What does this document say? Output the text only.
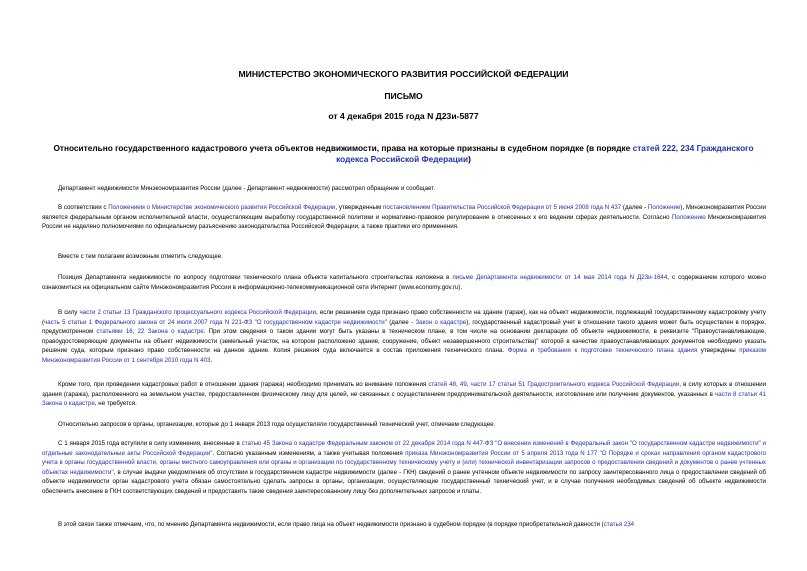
МИНИСТЕРСТВО ЭКОНОМИЧЕСКОГО РАЗВИТИЯ РОССИЙСКОЙ ФЕДЕРАЦИИ
ПИСЬМО
от 4 декабря 2015 года N Д23и-5877
Относительно государственного кадастрового учета объектов недвижимости, права на которые признаны в судебном порядке (в порядке статей 222, 234 Гражданского кодекса Российской Федерации)
Департамент недвижимости Минэкономразвития России (далее - Департамент недвижимости) рассмотрел обращение и сообщает.
В соответствии с Положением о Министерстве экономического развития Российской Федерации, утвержденным постановлением Правительства Российской Федерации от 5 июня 2008 года N 437 (далее - Положение), Минэкономразвития России является федеральным органом исполнительной власти, осуществляющим выработку государственной политики и нормативно-правовое регулирование в отнесенных к его ведении сферах деятельности. Согласно Положению Минэкономразвития России не наделено полномочиями по официальному разъяснению законодательства Российской Федерации, а также практики его применения.
Вместе с тем полагаем возможным отметить следующее.
Позиция Департамента недвижимости по вопросу подготовки технического плана объекта капитального строительства изложена в письме Департамента недвижимости от 14 мая 2014 года N Д23и-1644, с содержанием которого можно ознакомиться на официальном сайте Минэкономразвития России в информационно-телекоммуникационной сети Интернет (www.economy.gov.ru).
В силу части 2 статьи 13 Гражданского процессуального кодекса Российской Федерации, если решением суда признано право собственности на здание (гараж), как на объект недвижимости, подлежащий государственному кадастровому учету (часть 5 статьи 1 Федерального закона от 24 июля 2007 года N 221-ФЗ "О государственном кадастре недвижимости" (далее - Закон о кадастре), государственный кадастровый учет в отношении такого здания может быть осуществлен в порядке, предусмотренном статьями 16, 22 Закона о кадастре. При этом сведения о таком здании могут быть указаны в техническом плане, в том числе на основании декларации об объекте недвижимости, в реквизите "Правоустанавливающие, правоудостоверяющие документы на объект недвижимости (земельный участок, на котором расположено здание, сооружение, объект незавершенного строительства)" которой в качестве правоустанавливающих документов необходимо указать решение суда, которым признано право собственности на данное здание. Копия решения суда включается в состав приложения технического плана. Форма и требования к подготовке технического плана здания утверждены приказом Минэкономразвития России от 1 сентября 2010 года N 403.
Кроме того, при проведении кадастровых работ в отношении здания (гаража) необходимо принимать во внимание положения статей 48, 49, части 17 статьи 51 Градостроительного кодекса Российской Федерации, в силу которых в отношении здания (гаража), расположенного на земельном участке, предоставленном физическому лицу для целей, не связанных с осуществлением предпринимательской деятельности, изготовление или получение документов, указанных в части 8 статьи 41 Закона о кадастре, не требуется.
Относительно запросов в органы, организации, которые до 1 января 2013 года осуществляли государственный технический учет, отмечаем следующее.
С 1 января 2015 года вступили в силу изменения, внесенные в статью 45 Закона о кадастре Федеральным законом от 22 декабря 2014 года N 447-ФЗ "О внесении изменений в Федеральный закон "О государственном кадастре недвижимости" и отдельные законодательные акты Российской Федерации". Согласно указанным изменениям, а также учитывая положения приказа Минэкономразвития России от 5 апреля 2013 года N 177 "О Порядке и сроках направления органом кадастрового учета в органы государственной власти, органы местного самоуправления или органы и организации по государственному техническому учету и (или) технической инвентаризации запросов о предоставлении сведений и документов о ранее учтенных объектах недвижимости", в случае выдачи уведомления об отсутствии в государственном кадастре недвижимости (далее - ГКН) сведений о ранее учтенном объекте недвижимости по запросу заинтересованного лица о предоставлении сведений об объекте недвижимости орган кадастрового учета обязан самостоятельно сделать запросы в органы, организации, осуществляющие государственный технический учет, и в случае получения необходимых сведений об объекте недвижимости обеспечить внесение в ГКН соответствующих сведений и предоставить такие сведения заинтересованному лицу без дополнительных запросов и платы.
В этой связи также отмечаем, что, по мнению Департамента недвижимости, если право лица на объект недвижимости признано в судебном порядке (в порядке приобретательной давности (статья 234
